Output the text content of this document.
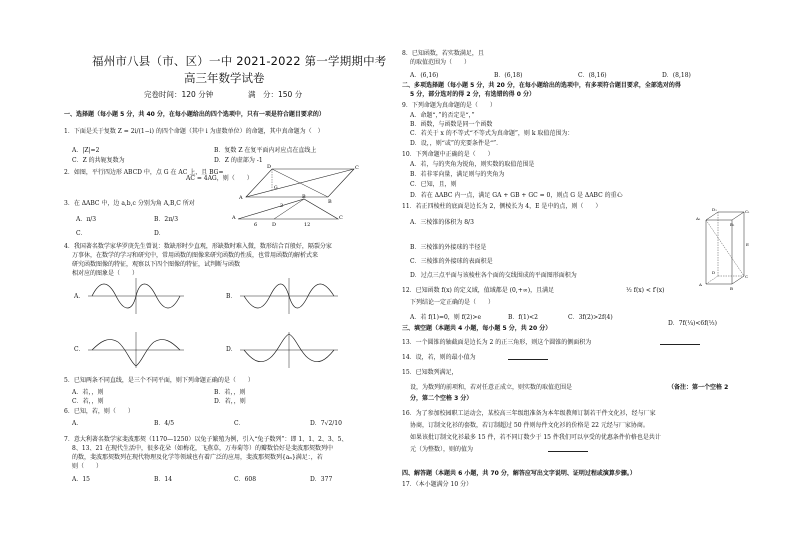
福州市八县（市、区）一中 2021-2022 第一学期期中考
高三年数学试卷
完卷时间：120 分钟	满　分：150 分
一、选择题（每小题 5 分，共 40 分，在每小题给出的四个选项中，只有一项是符合题目要求的）
1．下面是关于复数 Z = 2i/(1−i) 的四个命题（其中 i 为虚数单位）的命题，其中真命题为（　）
A．|Z|=2	B．复数 Z 在复平面内对应点在直线上
C．Z 的共轭复数为	D．Z 的虚部为 -1
2．如图，平行四边形 ABCD 中，点 G 在 AC 上，且 BG=
AC = 4AG，则（　　）
A
B
C
D
G
3．在 ΔABC 中，边 a,b,c 分别为角 A,B,C 所对
A．π/3	B．2π/3
C．	D．
A
B
D
C
6	12
2
4．我国著名数学家华罗庚先生曾说：数缺形时少直观，形缺数时难入微，数形结合百般好，隔裂分家
万事休，在数学的学习和研究中，常用函数的图像来研究函数的性质，也常用函数的解析式来
研究函数图像的特征，观察以下四个图像的特征，试判断与函数
相对应的图象是（　　）
A．	B．
C．	D．
5．已知两条不同直线，是三个不同平面，则下列命题正确的是（　　）
A．若，，则	B．若，，则
C．若，，则	D．若，，则
6．已知，若，则（　　）
A．	B．4/5	C．	D．7√2/10
7．意大利著名数学家斐波那契（1170—1250）以兔子繁殖为例，引入“兔子数列”：即 1、1、2、3、5、
8、13、21 在现代生活中，很多花朵（如梅花，飞燕草，万寿菊等）的瓣数恰好是斐波那契数列中
的数，斐波那契数列在现代物理及化学等领域也有着广泛的应用，斐波那契数列{aₙ}满足：，若
则（　　）
A．15	B．14	C．608	D．377
8．已知函数，若实数满足，且
的取值范围为（　　）
A．(6,16)	B．(6,18)	C．(8,16)	D．(8,18)
二、多项选择题（每小题 5 分，共 20 分，在每小题给出的选项中，有多项符合题目要求，全部选对的得
5 分，部分选对的得 2 分，有选错的得 0 分）
9．下列命题为真命题的是（　　）
A．命题“，”的否定是“，”
B．函数，与函数是同一个函数
C．若关于 x 的不等式“不等式为真命题”，则 k 取值范围为：
D．设，，则“或”的充要条件是“”．
10．下列命题中正确的是（　　）
A．若，与的夹角为锐角，则实数的取值范围是
B．若非零向量，满足则与的夹角为
C．已知，且，则
D．若在 ΔABC 内一点，满足 GA + GB + GC = 0，则点 G 是 ΔABC 的重心
11．若正四棱柱的底面是边长为 2，侧棱长为 4，E 是中的点，则（　　）
A．三棱锥的体积为 8/3
B．三棱锥的外接球的半径是
C．三棱锥的外接球的表面积是
D．过点三点平面与该棱柱各个面的交线围成的平面图形面积为
A
B
C
D
A₁
B₁
C₁
D₁
E
12．已知函数 f(x) 的定义域，值域都是 (0,+∞)，且满足	½ f(x) < f′(x)
下列结论一定正确的是（　　）
A．若 f(1)=0，则 f(2)>e	B．f(1)<2	C．3f(2)>2f(4)
D．7f(¼)<6f(⅓)
三、填空题（本题共 4 小题，每小题 5 分，共 20 分）
13．一个圆锥的轴截面是边长为 2 的正三角形，则这个圆锥的侧面积为
14．设，若，则的最小值为
15．已知数列满足，
设，为数列的前项和，若对任意正成立，则实数的取值范围是	（备注：第一个空格 2
分，第二个空格 3 分）
16．为了参加校园职工运动会，某校高三年级组准备为本年级教师订制若干件文化衫，经与厂家
协商，订制文化衫的套数，若订制超过 50 件则每件文化衫的价格是 22 元经与厂家协商。
如果该批订制文化衫最多 15 件，若不同订数少于 15 件我们可以享受的优惠条件价格也是共计
元（为整数），则的值为
四、解答题（本题共 6 小题，共 70 分，解答应写出文字说明、证明过程或演算步骤。）
17．（本小题满分 10 分）
